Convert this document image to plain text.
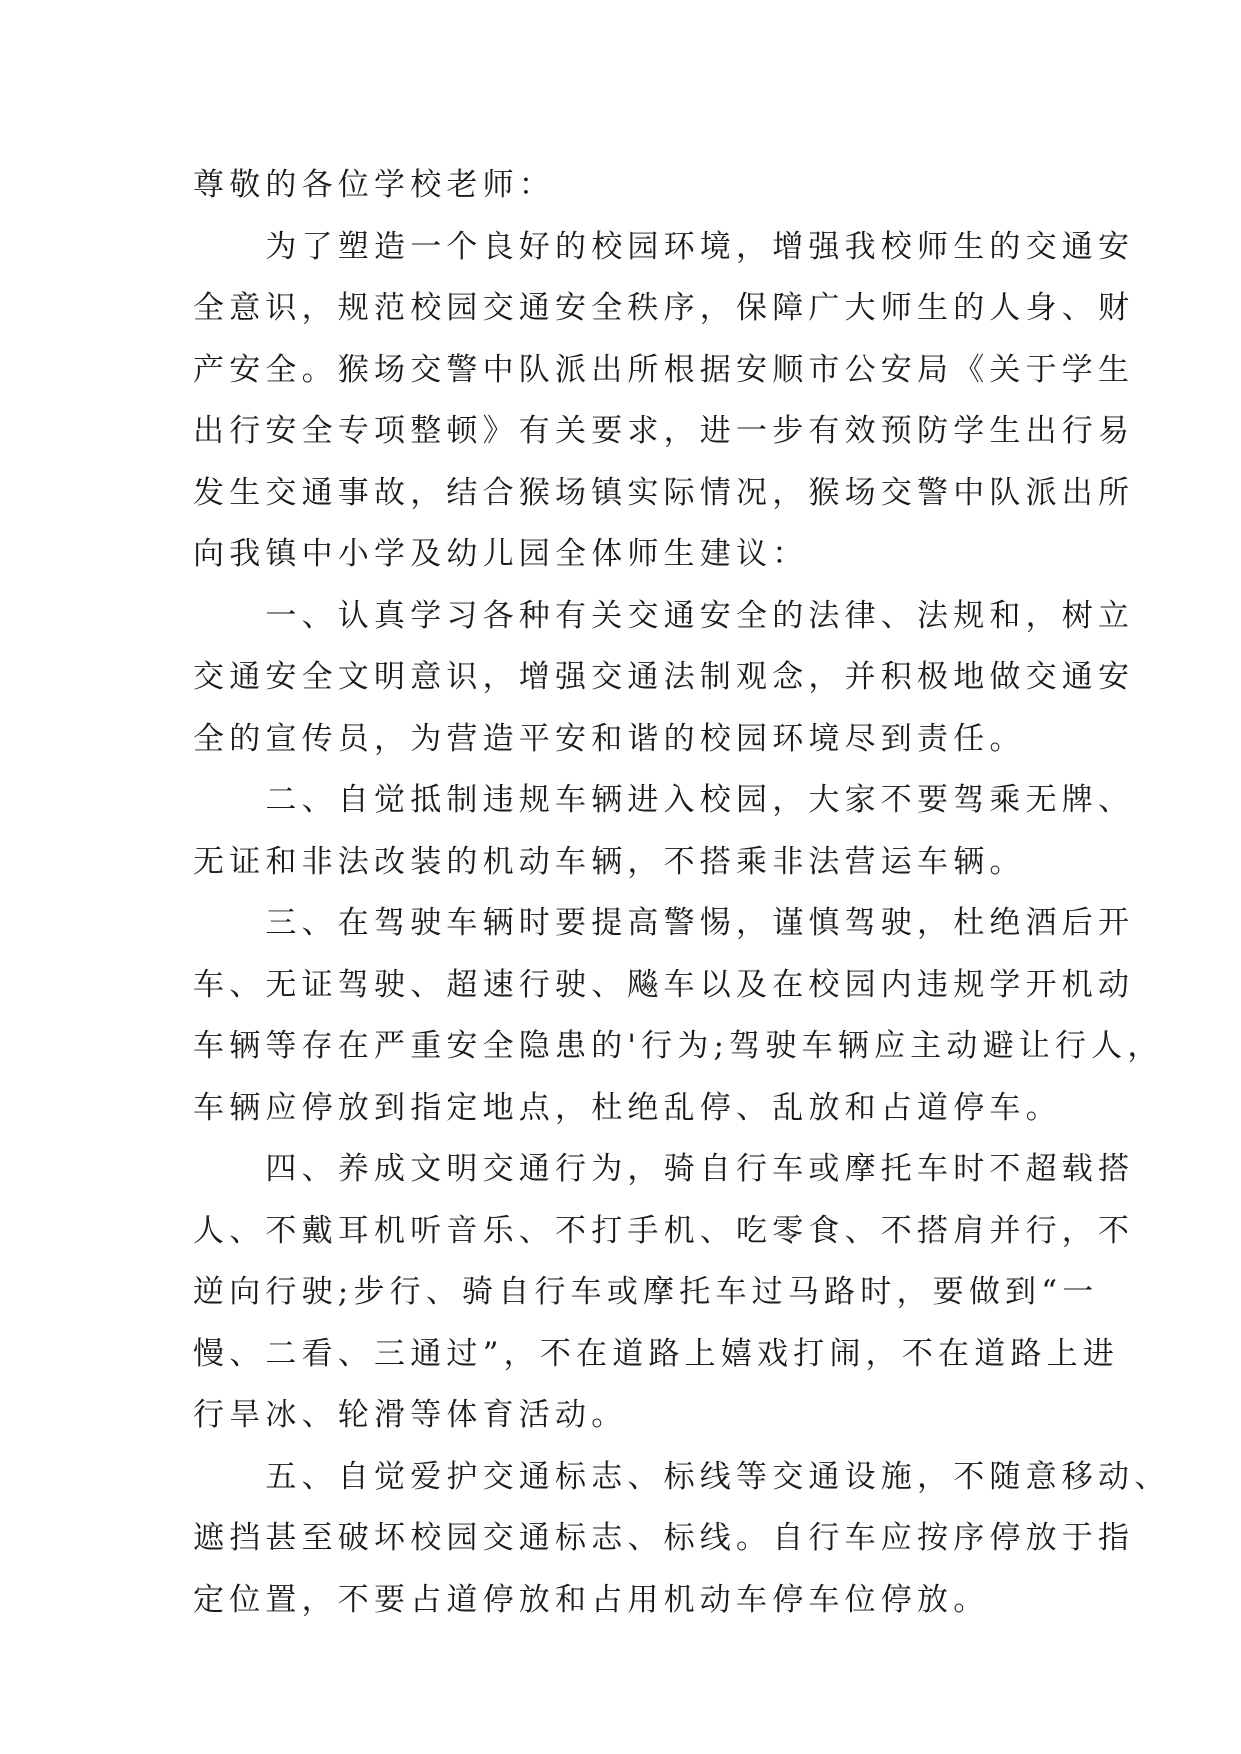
尊敬的各位学校老师：
　　为了塑造一个良好的校园环境，增强我校师生的交通安
全意识，规范校园交通安全秩序，保障广大师生的人身、财
产安全。猴场交警中队派出所根据安顺市公安局《关于学生
出行安全专项整顿》有关要求，进一步有效预防学生出行易
发生交通事故，结合猴场镇实际情况，猴场交警中队派出所
向我镇中小学及幼儿园全体师生建议：
　　一、认真学习各种有关交通安全的法律、法规和，树立
交通安全文明意识，增强交通法制观念，并积极地做交通安
全的宣传员，为营造平安和谐的校园环境尽到责任。
　　二、自觉抵制违规车辆进入校园，大家不要驾乘无牌、
无证和非法改装的机动车辆，不搭乘非法营运车辆。
　　三、在驾驶车辆时要提高警惕，谨慎驾驶，杜绝酒后开
车、无证驾驶、超速行驶、飚车以及在校园内违规学开机动
车辆等存在严重安全隐患的'行为;驾驶车辆应主动避让行人，
车辆应停放到指定地点，杜绝乱停、乱放和占道停车。
　　四、养成文明交通行为，骑自行车或摩托车时不超载搭
人、不戴耳机听音乐、不打手机、吃零食、不搭肩并行，不
逆向行驶;步行、骑自行车或摩托车过马路时，要做到“一
慢、二看、三通过”，不在道路上嬉戏打闹，不在道路上进
行旱冰、轮滑等体育活动。
　　五、自觉爱护交通标志、标线等交通设施，不随意移动、
遮挡甚至破坏校园交通标志、标线。自行车应按序停放于指
定位置，不要占道停放和占用机动车停车位停放。
